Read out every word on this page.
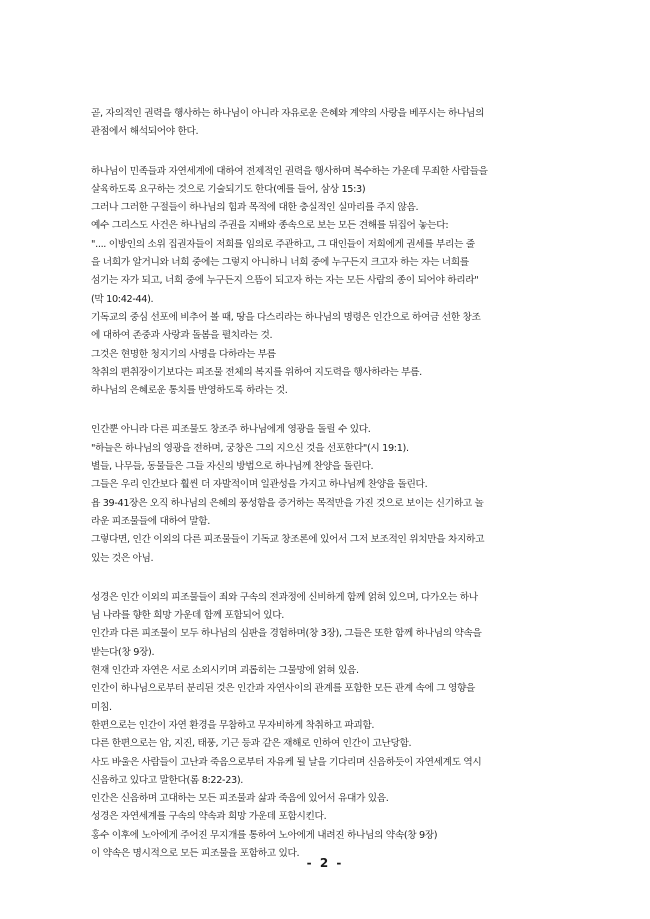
곧, 자의적인 권력을 행사하는 하나님이 아니라 자유로운 은혜와 계약의 사랑을 베푸시는 하나님의
관점에서 해석되어야 한다.
하나님이 민족들과 자연세계에 대하여 전제적인 권력을 행사하며 복수하는 가운데 무죄한 사람들을
살육하도록 요구하는 것으로 기술되기도 한다(예를 들어, 삼상 15:3)
그러나 그러한 구절들이 하나님의 힘과 목적에 대한 충실적인 실마리를 주지 않음.
예수 그리스도 사건은 하나님의 주권을 지배와 종속으로 보는 모든 견해를 뒤집어 놓는다:
".... 이방인의 소위 집권자들이 저희를 임의로 주관하고, 그 대인들이 저희에게 권세를 부리는 줄
을 너희가 알거니와 너희 중에는 그렇지 아니하니 너희 중에 누구든지 크고자 하는 자는 너희를
섬기는 자가 되고, 너희 중에 누구든지 으뜸이 되고자 하는 자는 모든 사람의 종이 되어야 하리라"
(막 10:42-44).
기독교의 중심 선포에 비추어 볼 때, 땅을 다스리라는 하나님의 명령은 인간으로 하여금 선한 창조
에 대하여 존중과 사랑과 돌봄을 펼치라는 것.
그것은 현명한 청지기의 사명을 다하라는 부름
착취의 편취장이기보다는 피조물 전체의 복지를 위하여 지도력을 행사하라는 부름.
하나님의 은혜로운 통치를 반영하도록 하라는 것.
인간뿐 아니라 다른 피조물도 창조주 하나님에게 영광을 돌릴 수 있다.
"하늘은 하나님의 영광을 전하며, 궁창은 그의 지으신 것을 선포한다"(시 19:1).
별들, 나무들, 동물들은 그들 자신의 방법으로 하나님께 찬양을 돌린다.
그들은 우리 인간보다 훨씬 더 자발적이며 일관성을 가지고 하나님께 찬양을 돌린다.
욥 39-41장은 오직 하나님의 은혜의 풍성함을 증거하는 목적만을 가진 것으로 보이는 신기하고 놀
라운 피조물들에 대하여 말함.
그렇다면, 인간 이외의 다른 피조물들이 기독교 창조론에 있어서 그저 보조적인 위치만을 차지하고
있는 것은 아님.
성경은 인간 이외의 피조물들이 죄와 구속의 전과정에 신비하게 함께 얽혀 있으며, 다가오는 하나
님 나라를 향한 희망 가운데 함께 포함되어 있다.
인간과 다른 피조물이 모두 하나님의 심판을 경험하며(창 3장), 그들은 또한 함께 하나님의 약속을
받는다(창 9장).
현재 인간과 자연은 서로 소외시키며 괴롭히는 그물망에 얽혀 있음.
인간이 하나님으로부터 분리된 것은 인간과 자연사이의 관계를 포함한 모든 관계 속에 그 영향을
미침.
한편으로는 인간이 자연 환경을 무참하고 무자비하게 착취하고 파괴함.
다른 한편으로는 암, 지진, 태풍, 기근 등과 같은 재해로 인하여 인간이 고난당함.
사도 바울은 사람들이 고난과 죽음으로부터 자유케 될 날을 기다리며 신음하듯이 자연세계도 역시
신음하고 있다고 말한다(롬 8:22-23).
인간은 신음하며 고대하는 모든 피조물과 삶과 죽음에 있어서 유대가 있음.
성경은 자연세계를 구속의 약속과 희망 가운데 포함시킨다.
홍수 이후에 노아에게 주어진 무지개를 통하여 노아에게 내려진 하나님의 약속(창 9장)
이 약속은 명시적으로 모든 피조물을 포함하고 있다.
- 2 -
